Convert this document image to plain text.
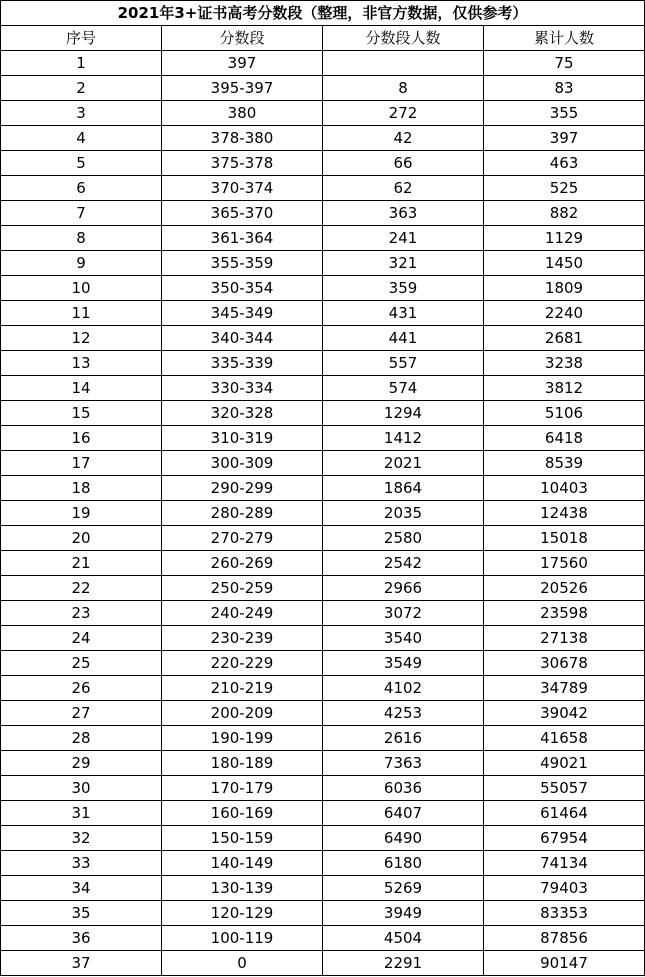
2021年3+证书高考分数段（整理，非官方数据，仅供参考）			
序号	分数段	分数段人数	累计人数
1	397		75
2	395-397	8	83
3	380	272	355
4	378-380	42	397
5	375-378	66	463
6	370-374	62	525
7	365-370	363	882
8	361-364	241	1129
9	355-359	321	1450
10	350-354	359	1809
11	345-349	431	2240
12	340-344	441	2681
13	335-339	557	3238
14	330-334	574	3812
15	320-328	1294	5106
16	310-319	1412	6418
17	300-309	2021	8539
18	290-299	1864	10403
19	280-289	2035	12438
20	270-279	2580	15018
21	260-269	2542	17560
22	250-259	2966	20526
23	240-249	3072	23598
24	230-239	3540	27138
25	220-229	3549	30678
26	210-219	4102	34789
27	200-209	4253	39042
28	190-199	2616	41658
29	180-189	7363	49021
30	170-179	6036	55057
31	160-169	6407	61464
32	150-159	6490	67954
33	140-149	6180	74134
34	130-139	5269	79403
35	120-129	3949	83353
36	100-119	4504	87856
37	0	2291	90147
